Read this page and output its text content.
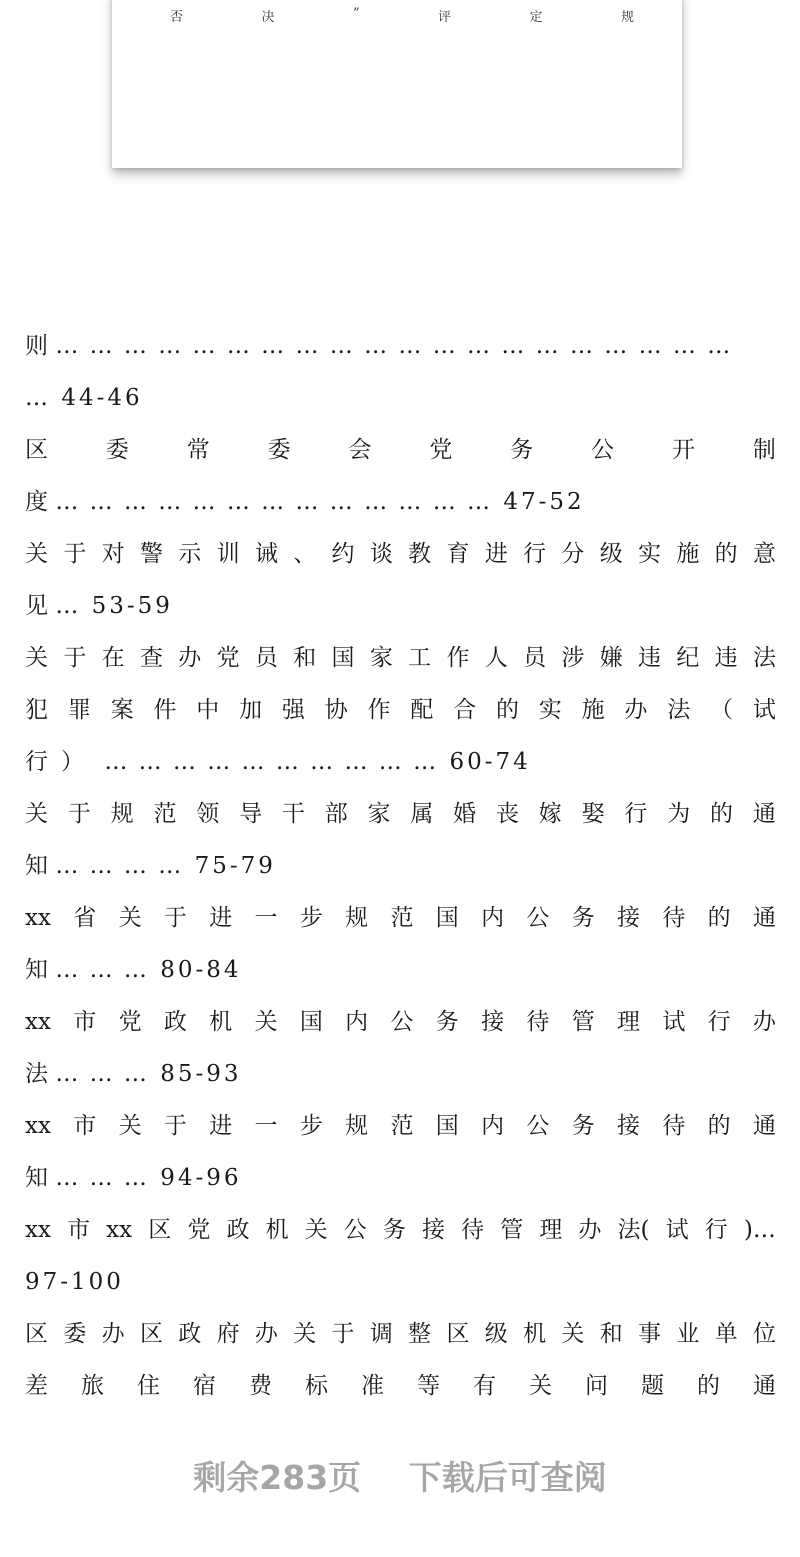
否	决	”	评	定	规
则 … … … … … … … … … … … … … … … … … … … …
… 44-46
区	委	常	委	会	党	务	公	开	制
度 … … … … … … … … … … … … … 47-52
关 于 对 警 示 训 诫 、 约 谈 教 育 进 行 分 级 实 施 的 意
见 … 53-59
关 于 在 查 办 党 员 和 国 家 工 作 人 员 涉 嫌 违 纪 违 法
犯 罪 案 件 中 加 强 协 作 配 合 的 实 施 办 法 （ 试
行） … … … … … … … … … … 60-74
关 于 规 范 领 导 干 部 家 属 婚 丧 嫁 娶 行 为 的 通
知 … … … … 75-79
xx 省 关 于 进 一 步 规 范 国 内 公 务 接 待 的 通
知 … … … 80-84
xx 市 党 政 机 关 国 内 公 务 接 待 管 理 试 行 办
法 … … … 85-93
xx 市 关 于 进 一 步 规 范 国 内 公 务 接 待 的 通
知 … … … 94-96
xx 市 xx 区 党 政 机 关 公 务 接 待 管 理 办 法( 试 行 )…
97-100
区 委 办 区 政 府 办 关 于 调 整 区 级 机 关 和 事 业 单 位
差 旅 住 宿 费 标 准 等 有 关 问 题 的 通
剩余283页 下载后可查阅
